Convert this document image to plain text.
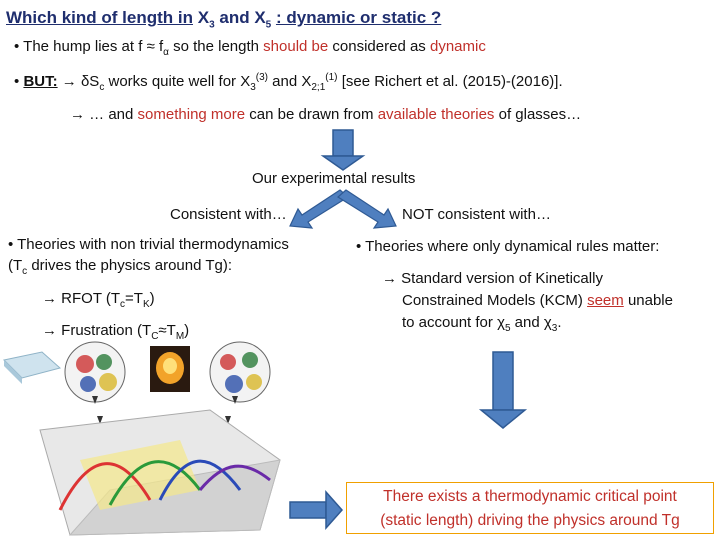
Which kind of length in $X_3$ and $X_5$ : dynamic or static ?
• The hump lies at $f \approx f_\alpha$ so the length should be considered as dynamic
• BUT: → $\delta S_c$ works quite well for $X_3^{(3)}$ and $X_{2;1}^{(1)}$ [see Richert et al. (2015)-(2016)].
→ … and something more can be drawn from available theories of glasses…
Our experimental results
Consistent with…
• Theories with non trivial thermodynamics
($T_c$ drives the physics around Tg):
→ RFOT $(T_c=T_K)$
→ Frustration $(T_C\approx T_M)$
NOT consistent with…
• Theories where only dynamical rules matter:
→ Standard version of Kinetically
Constrained Models (KCM) seem unable
to account for $\chi_5$ and $\chi_3$.
There exists a thermodynamic critical point
(static length) driving the physics around Tg
